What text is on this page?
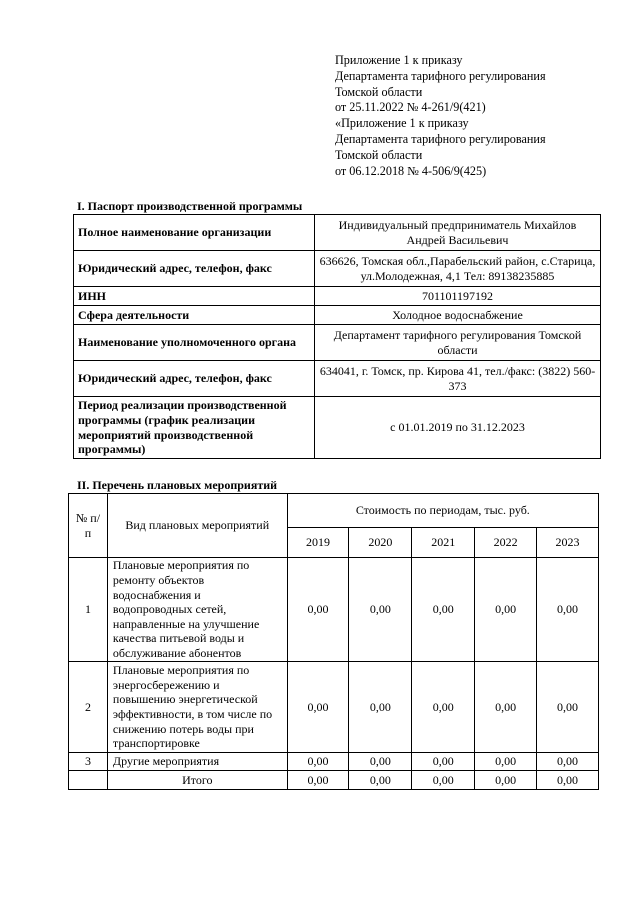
Приложение 1 к приказу
Департамента тарифного регулирования
Томской области
от 25.11.2022 № 4-261/9(421)
«Приложение 1 к приказу
Департамента тарифного регулирования
Томской области
от 06.12.2018 № 4-506/9(425)
I. Паспорт производственной программы
Полное наименование организации	Индивидуальный предприниматель Михайлов Андрей Васильевич
Юридический адрес, телефон, факс	636626, Томская обл.,Парабельский район, с.Старица, ул.Молодежная, 4,1 Тел: 89138235885
ИНН	701101197192
Сфера деятельности	Холодное водоснабжение
Наименование уполномоченного органа	Департамент тарифного регулирования Томской области
Юридический адрес, телефон, факс	634041, г. Томск, пр. Кирова 41, тел./факс: (3822) 560-373
Период реализации производственной программы (график реализации мероприятий производственной программы)	с 01.01.2019 по 31.12.2023
II. Перечень плановых мероприятий
№ п/п	Вид плановых мероприятий	Стоимость по периодам, тыс. руб.				
		2019	2020	2021	2022	2023
1	Плановые мероприятия по ремонту объектов водоснабжения и водопроводных сетей, направленные на улучшение качества питьевой воды и обслуживание абонентов	0,00	0,00	0,00	0,00	0,00
2	Плановые мероприятия по энергосбережению и повышению энергетической эффективности, в том числе по снижению потерь воды при транспортировке	0,00	0,00	0,00	0,00	0,00
3	Другие мероприятия	0,00	0,00	0,00	0,00	0,00
	Итого	0,00	0,00	0,00	0,00	0,00
